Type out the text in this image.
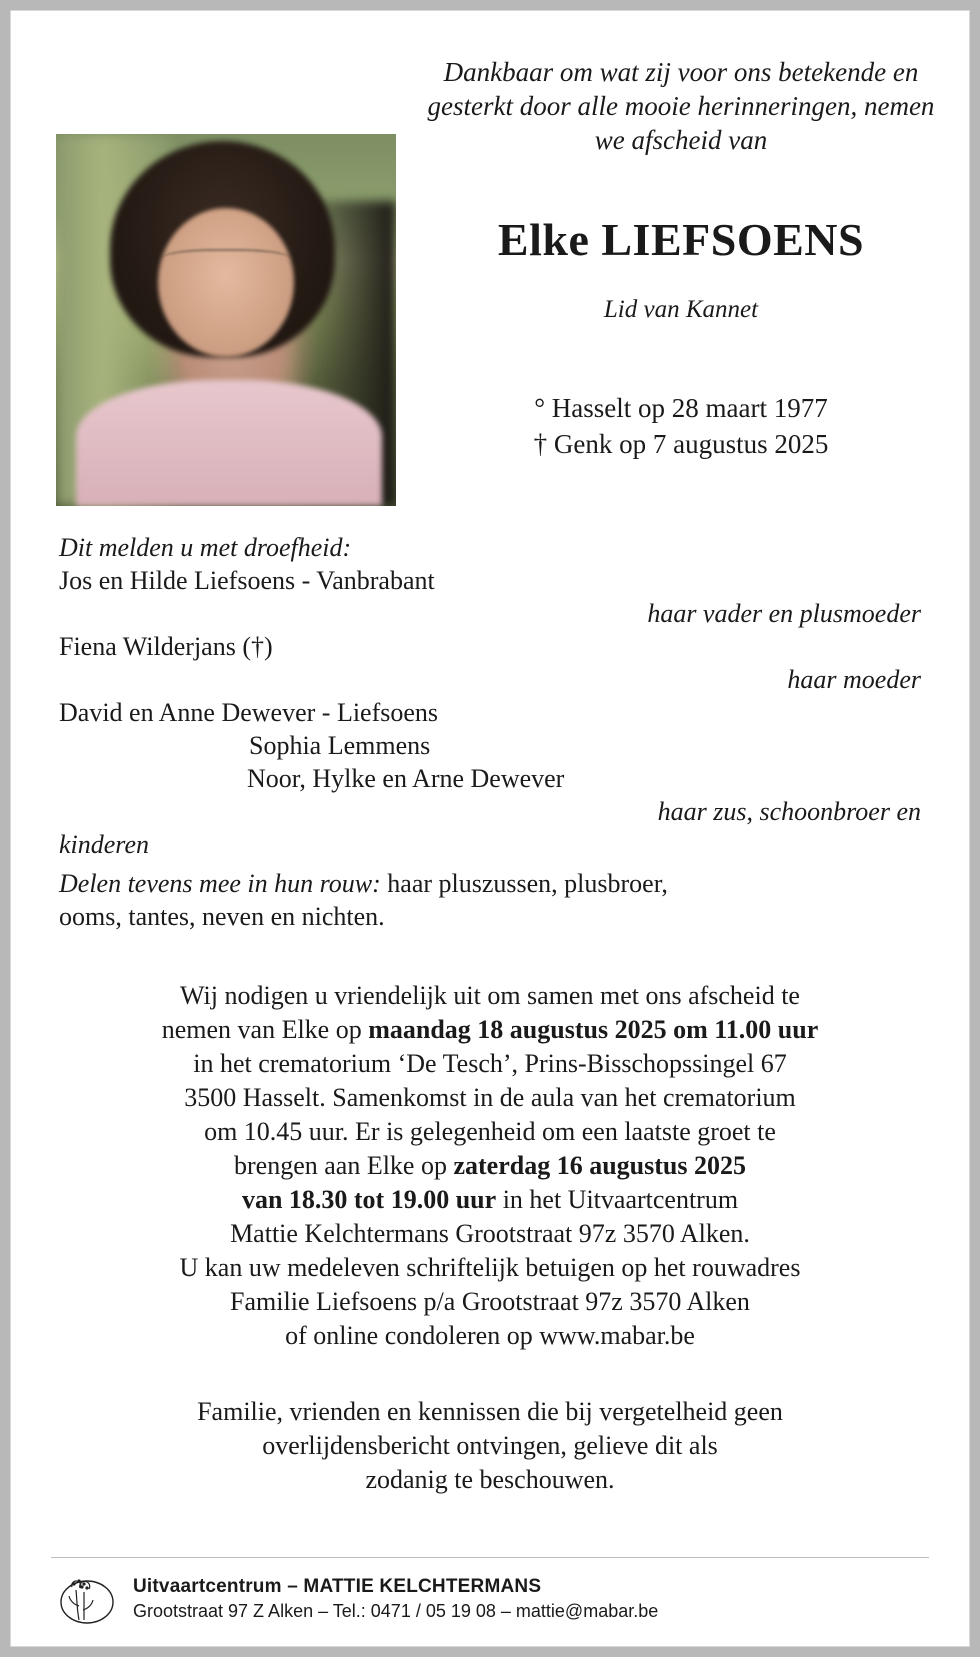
Dankbaar om wat zij voor ons betekende en gesterkt door alle mooie herinneringen, nemen we afscheid van
Elke LIEFSOENS
Lid van Kannet
° Hasselt op 28 maart 1977
† Genk op 7 augustus 2025

Dit melden u met droefheid:

Jos en Hilde Liefsoens - Vanbrabant

haar vader en plusmoeder

Fiena Wilderjans (†)

haar moeder

David en Anne Dewever - Liefsoens

Sophia Lemmens

Noor, Hylke en Arne Dewever

haar zus, schoonbroer en

kinderen

Delen tevens mee in hun rouw: haar pluszussen, plusbroer,

ooms, tantes, neven en nichten.

Wij nodigen u vriendelijk uit om samen met ons afscheid te
nemen van Elke op maandag 18 augustus 2025 om 11.00 uur
in het crematorium ‘De Tesch’, Prins-Bisschopssingel 67
3500 Hasselt. Samenkomst in de aula van het crematorium
om 10.45 uur. Er is gelegenheid om een laatste groet te
brengen aan Elke op zaterdag 16 augustus 2025
van 18.30 tot 19.00 uur in het Uitvaartcentrum
Mattie Kelchtermans Grootstraat 97z 3570 Alken.
U kan uw medeleven schriftelijk betuigen op het rouwadres
Familie Liefsoens p/a Grootstraat 97z 3570 Alken
of online condoleren op www.mabar.be
Familie, vrienden en kennissen die bij vergetelheid geen
overlijdensbericht ontvingen, gelieve dit als
zodanig te beschouwen.
Uitvaartcentrum – MATTIE KELCHTERMANS
Grootstraat 97 Z Alken – Tel.: 0471 / 05 19 08 – mattie@mabar.be
